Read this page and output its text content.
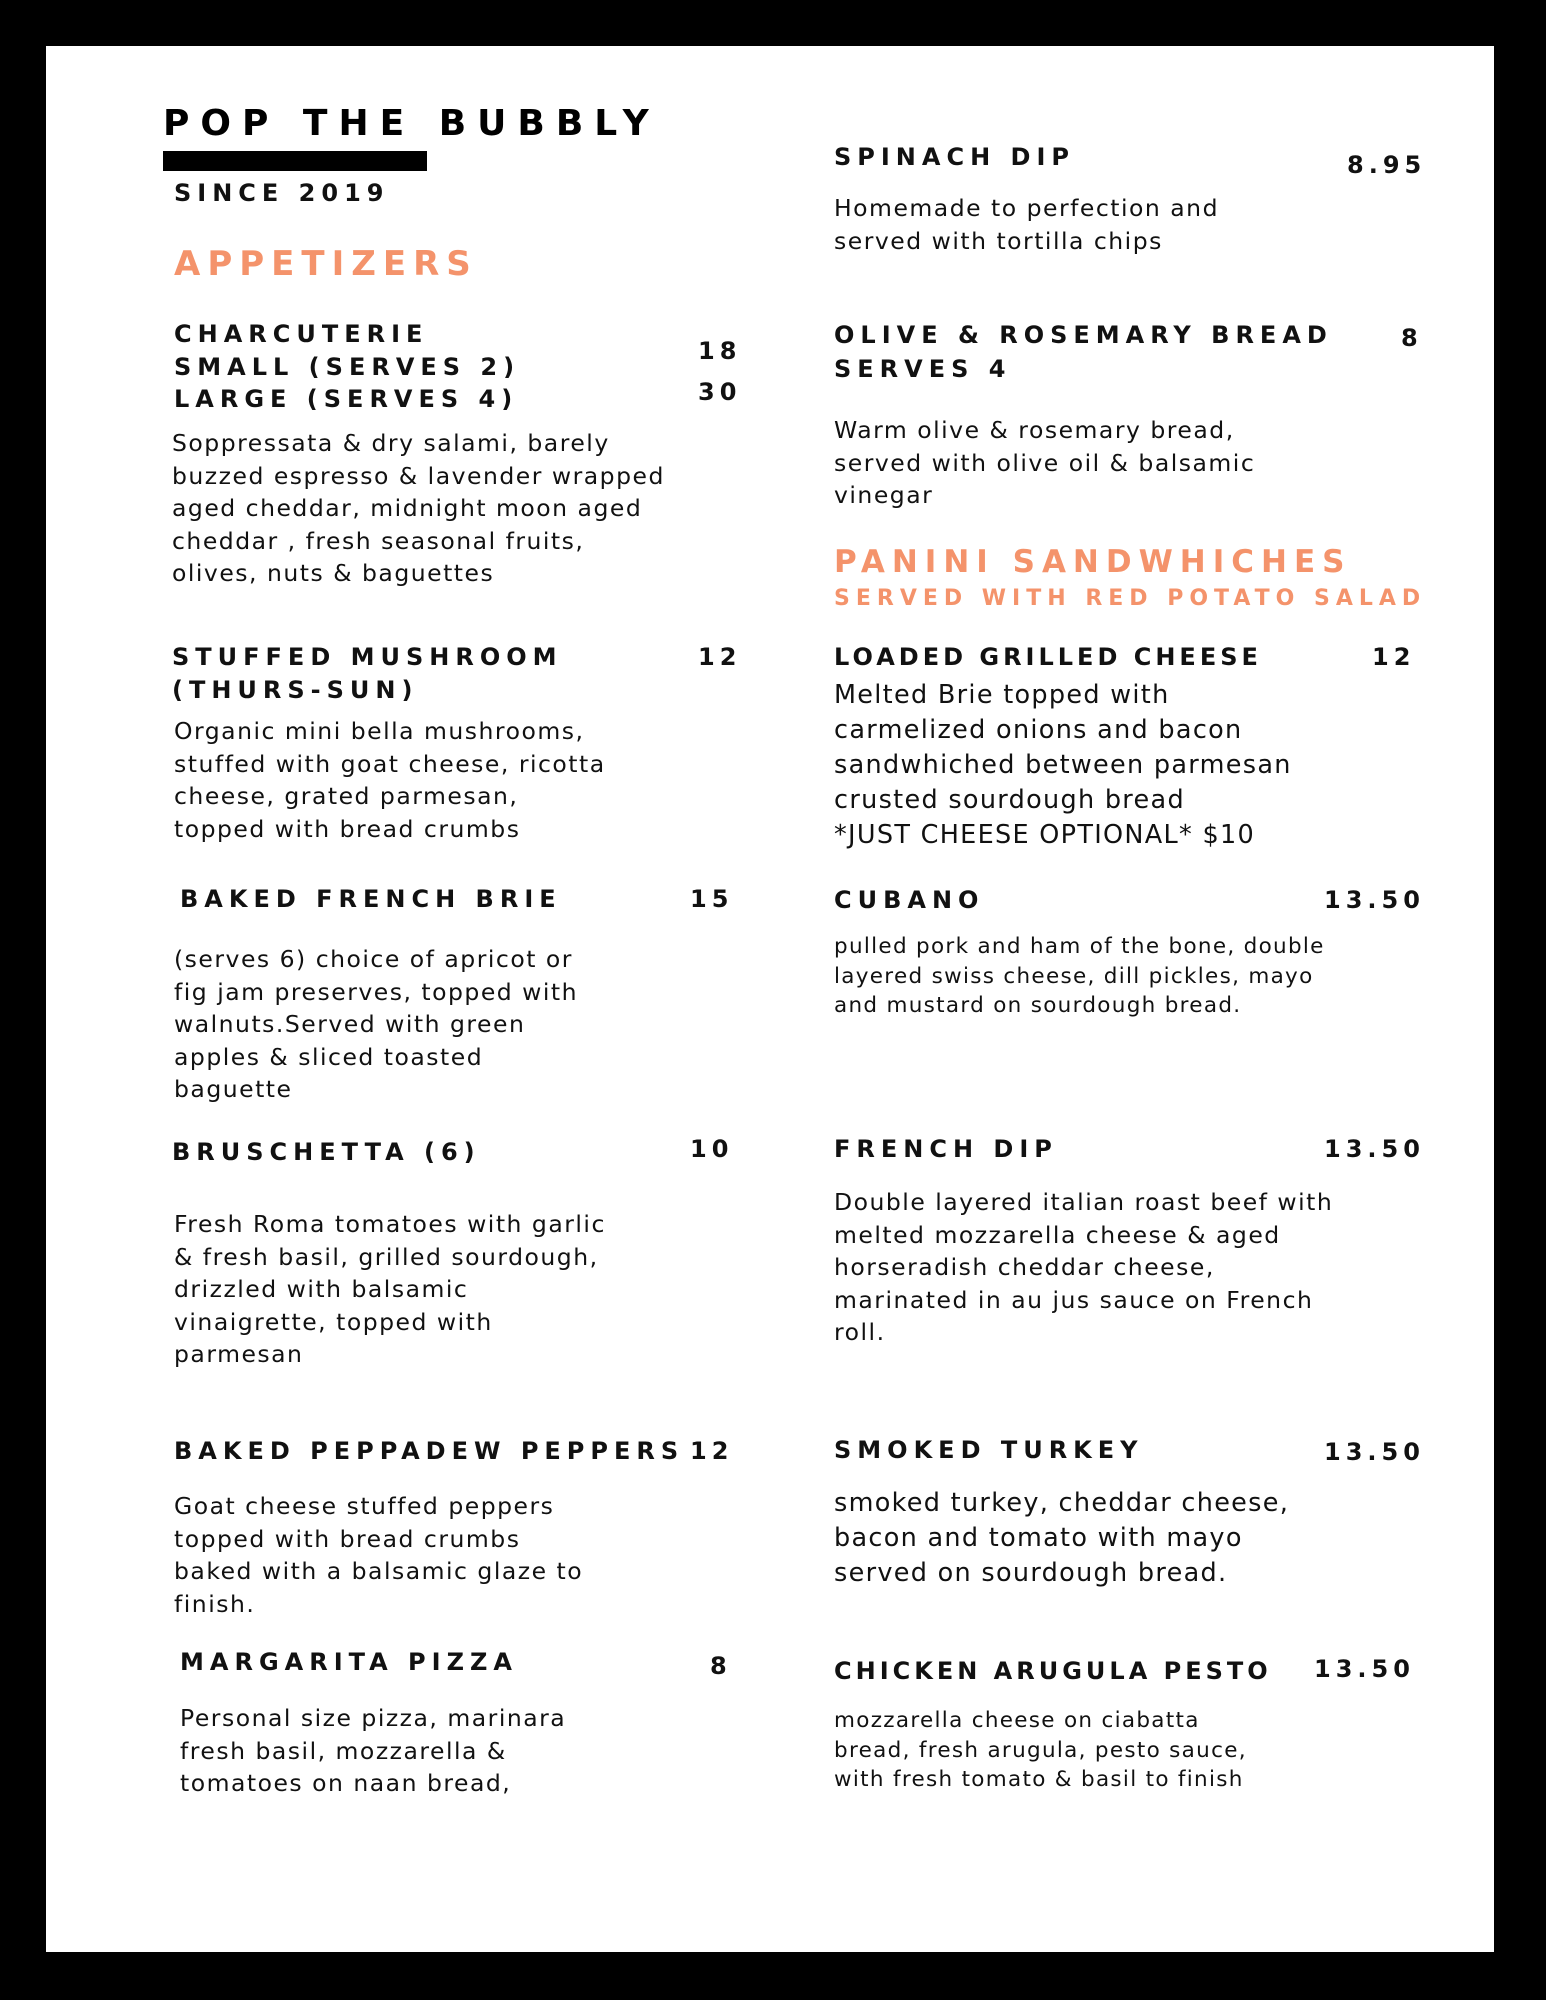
POP THE BUBBLY
SINCE 2019
APPETIZERS
CHARCUTERIE
SMALL (SERVES 2)
LARGE (SERVES 4)
18
30
Soppressata & dry salami, barely
buzzed espresso & lavender wrapped
aged cheddar, midnight moon aged
cheddar , fresh seasonal fruits,
olives, nuts & baguettes
STUFFED MUSHROOM
(THURS-SUN)
12
Organic mini bella mushrooms,
stuffed with goat cheese, ricotta
cheese, grated parmesan,
topped with bread crumbs
BAKED FRENCH BRIE	15
(serves 6) choice of apricot or
fig jam preserves, topped with
walnuts.Served with green
apples & sliced toasted
baguette
BRUSCHETTA (6)	10
Fresh Roma tomatoes with garlic
& fresh basil, grilled sourdough,
drizzled with balsamic
vinaigrette, topped with
parmesan
BAKED PEPPADEW PEPPERS 12
Goat cheese stuffed peppers
topped with bread crumbs
baked with a balsamic glaze to
finish.
MARGARITA PIZZA	8
Personal size pizza, marinara
fresh basil, mozzarella &
tomatoes on naan bread,
SPINACH DIP	8.95
Homemade to perfection and
served with tortilla chips
OLIVE & ROSEMARY BREAD
SERVES 4
8
Warm olive & rosemary bread,
served with olive oil & balsamic
vinegar
PANINI SANDWHICHES
SERVED WITH RED POTATO SALAD
LOADED GRILLED CHEESE	12
Melted Brie topped with
carmelized onions and bacon
sandwhiched between parmesan
crusted sourdough bread
*JUST CHEESE OPTIONAL* $10
CUBANO	13.50
pulled pork and ham of the bone, double
layered swiss cheese, dill pickles, mayo
and mustard on sourdough bread.
FRENCH DIP	13.50
Double layered italian roast beef with
melted mozzarella cheese & aged
horseradish cheddar cheese,
marinated in au jus sauce on French
roll.
SMOKED TURKEY	13.50
smoked turkey, cheddar cheese,
bacon and tomato with mayo
served on sourdough bread.
CHICKEN ARUGULA PESTO 13.50
mozzarella cheese on ciabatta
bread, fresh arugula, pesto sauce,
with fresh tomato & basil to finish
